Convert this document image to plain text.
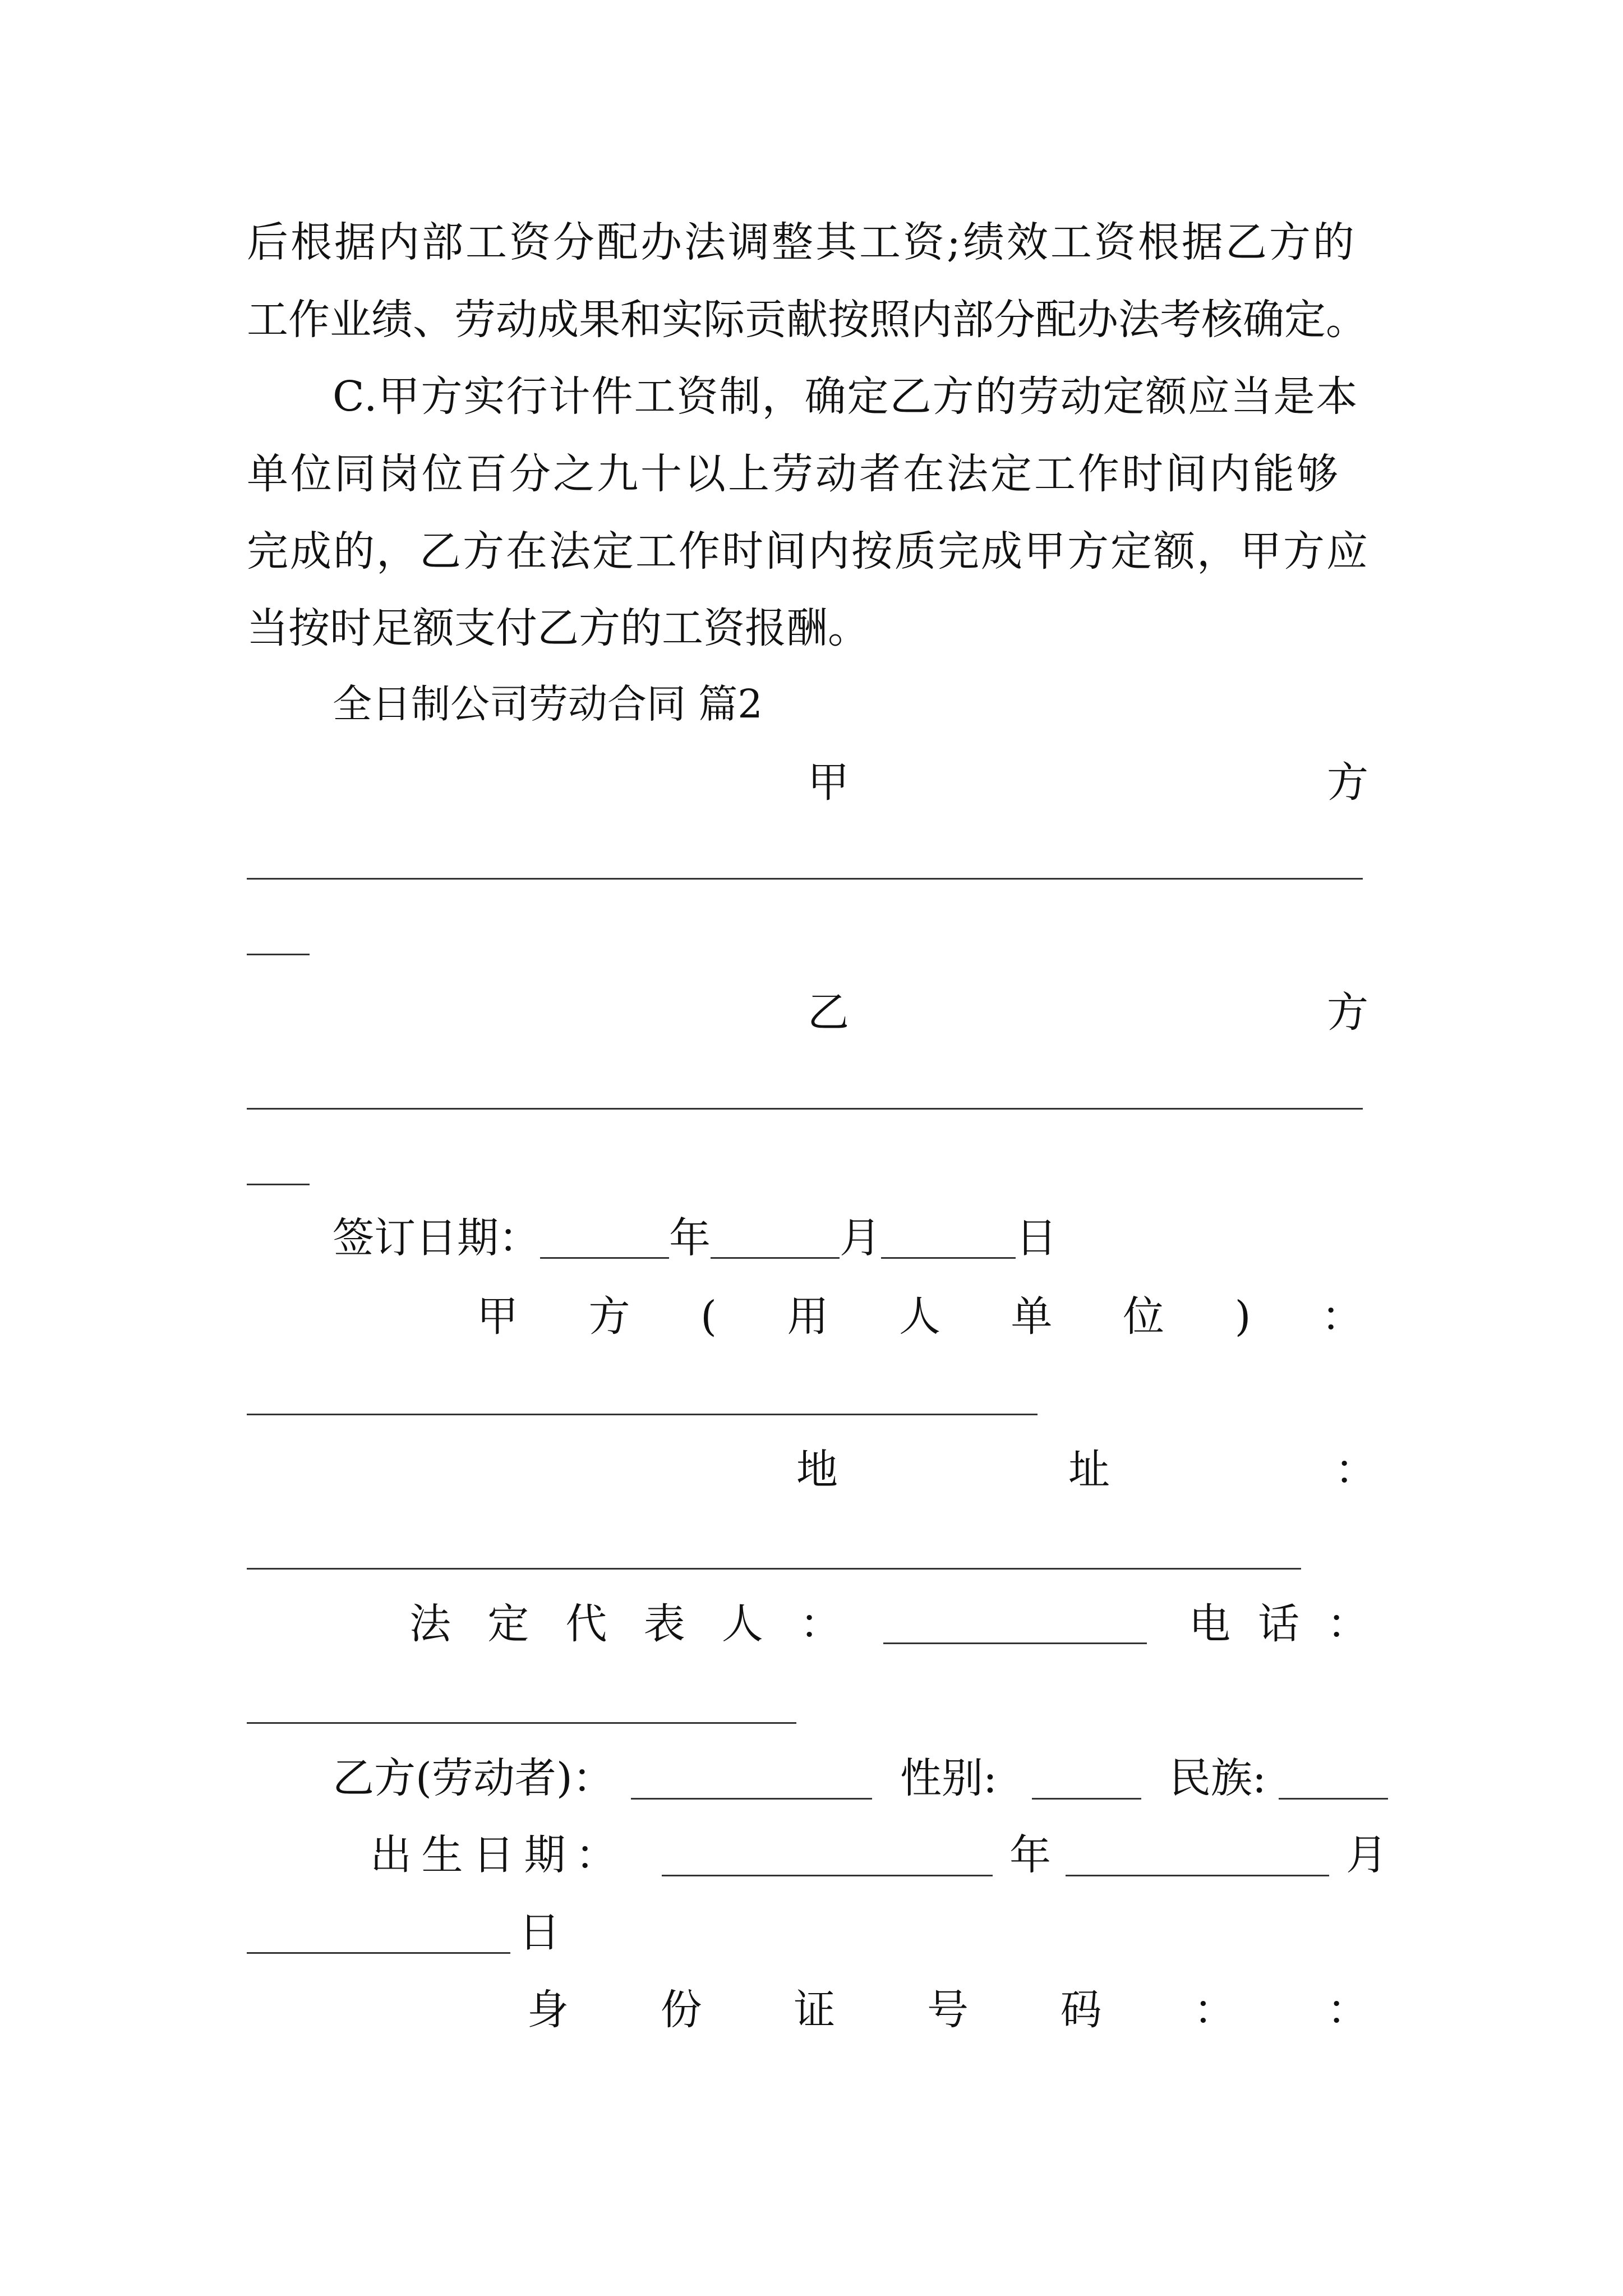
后根据内部工资分配办法调整其工资;绩效工资根据乙方的
工作业绩、劳动成果和实际贡献按照内部分配办法考核确定。
C.甲方实行计件工资制，确定乙方的劳动定额应当是本
单位同岗位百分之九十以上劳动者在法定工作时间内能够
完成的，乙方在法定工作时间内按质完成甲方定额，甲方应
当按时足额支付乙方的工资报酬。
全日制公司劳动合同 篇2
甲	方
乙	方
签订日期：	年	月	日
甲 方 ( 用 人 单 位 ) ：
地	址	：
法 定 代 表 人 ：	电 话 ：
乙方(劳动者)：	性别:	民族:
出 生 日 期 ：	年	月
日
身 份 证 号 码 ： ：
